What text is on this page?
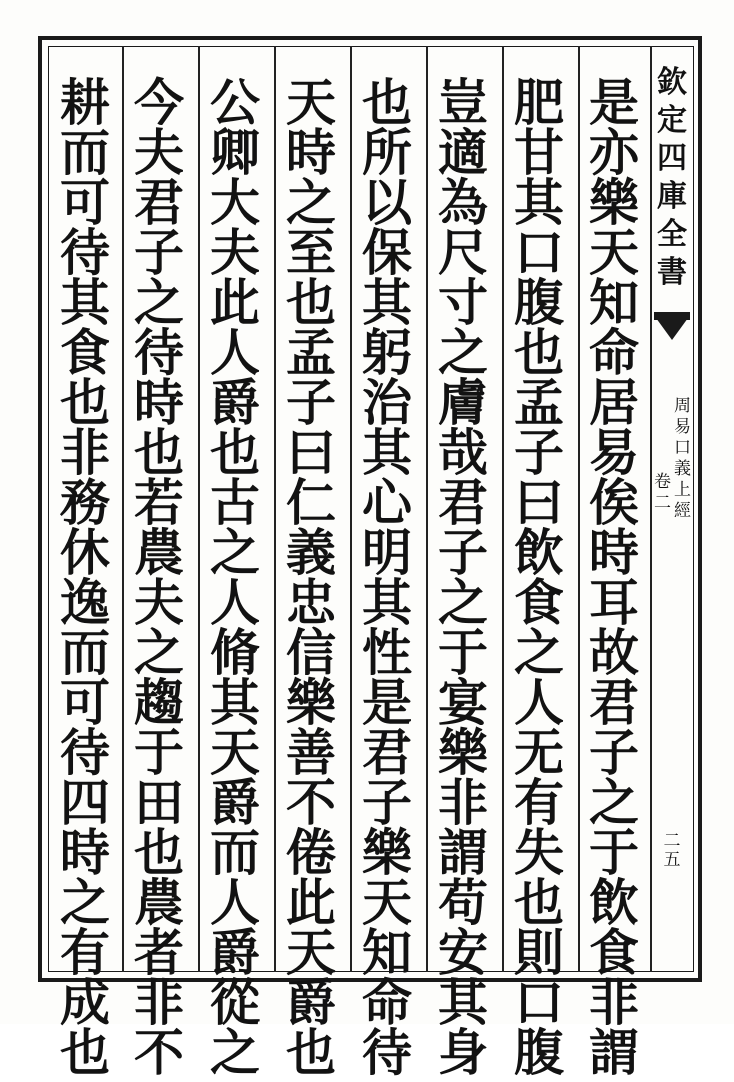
是
亦
樂
天
知
命
居
易
俟
時
耳
故
君
子
之
于
飲
食
非
謂
肥
甘
其
口
腹
也
孟
子
曰
飲
食
之
人
无
有
失
也
則
口
腹
豈
適
為
尺
寸
之
膚
哉
君
子
之
于
宴
樂
非
謂
苟
安
其
身
也
所
以
保
其
躬
治
其
心
明
其
性
是
君
子
樂
天
知
命
待
天
時
之
至
也
孟
子
曰
仁
義
忠
信
樂
善
不
倦
此
天
爵
也
公
卿
大
夫
此
人
爵
也
古
之
人
脩
其
天
爵
而
人
爵
從
之
今
夫
君
子
之
待
時
也
若
農
夫
之
趨
于
田
也
農
者
非
不
耕
而
可
待
其
食
也
非
務
休
逸
而
可
待
四
時
之
有
成
也
欽
定
四
庫
全
書
周
易
口
義
上
經
卷
二
二
五
